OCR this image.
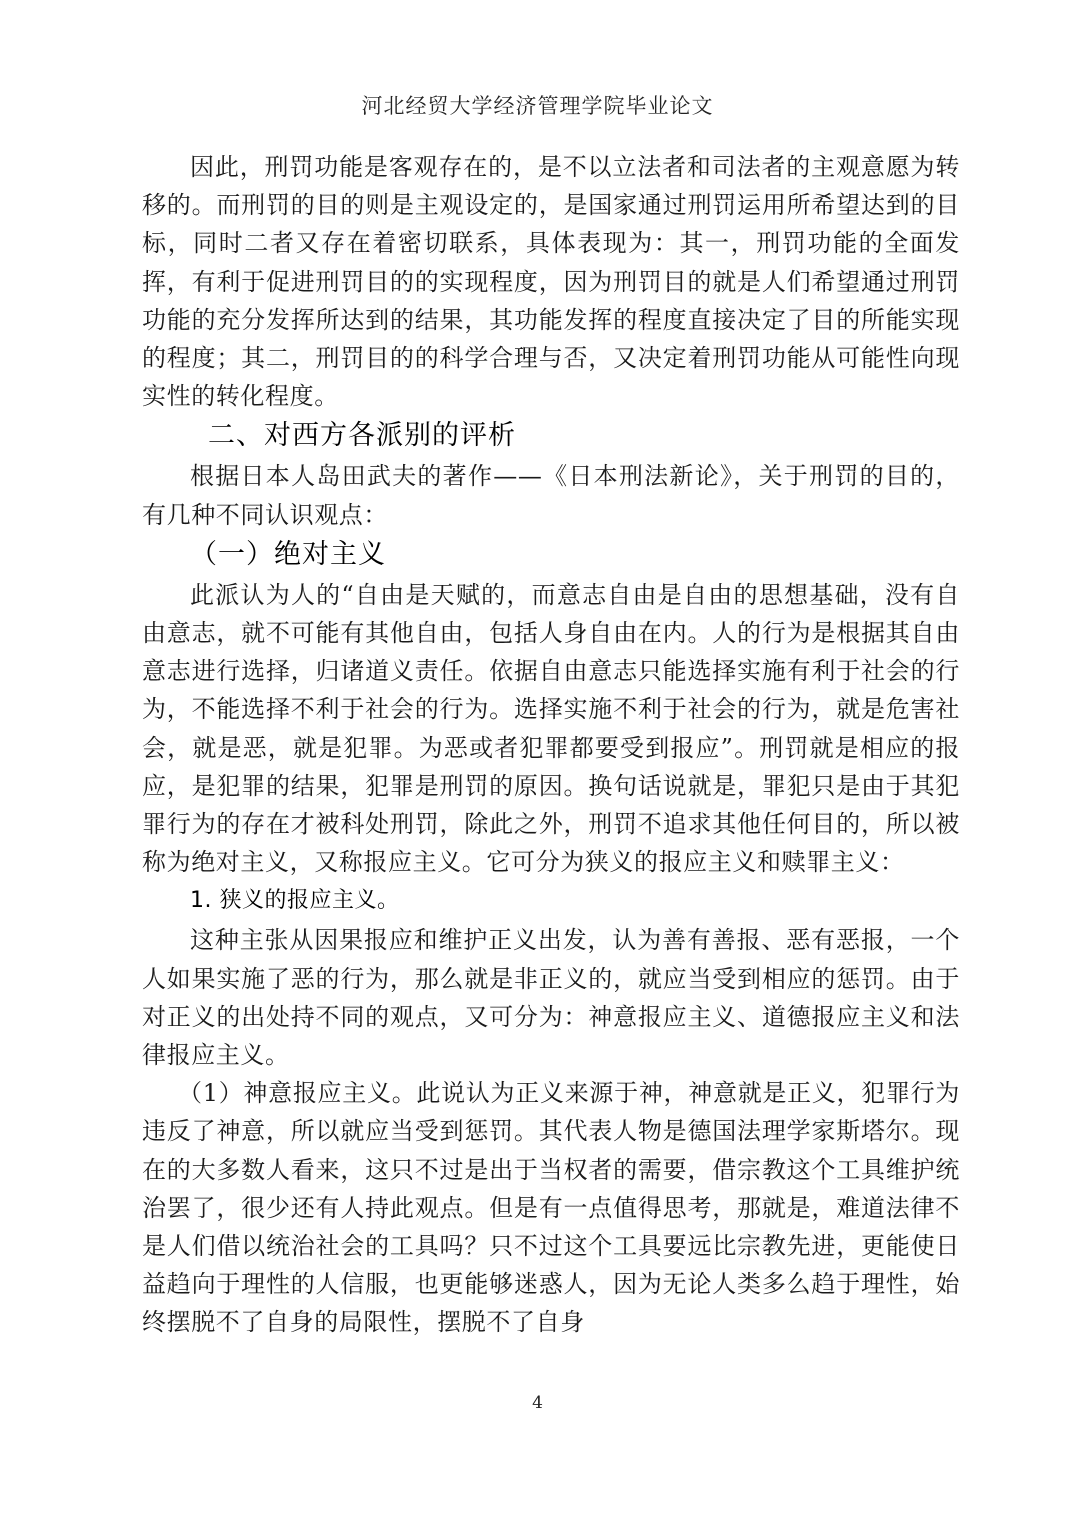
河北经贸大学经济管理学院毕业论文

因此，刑罚功能是客观存在的，是不以立法者和司法者的主观意愿为转移的。而刑罚的目的则是主观设定的，是国家通过刑罚运用所希望达到的目标，同时二者又存在着密切联系，具体表现为：其一，刑罚功能的全面发挥，有利于促进刑罚目的的实现程度，因为刑罚目的就是人们希望通过刑罚功能的充分发挥所达到的结果，其功能发挥的程度直接决定了目的所能实现的程度；其二，刑罚目的的科学合理与否，又决定着刑罚功能从可能性向现实性的转化程度。

二、对西方各派别的评析

根据日本人岛田武夫的著作——《日本刑法新论》，关于刑罚的目的，有几种不同认识观点：

（一）绝对主义

此派认为人的“自由是天赋的，而意志自由是自由的思想基础，没有自由意志，就不可能有其他自由，包括人身自由在内。人的行为是根据其自由意志进行选择，归诸道义责任。依据自由意志只能选择实施有利于社会的行为，不能选择不利于社会的行为。选择实施不利于社会的行为，就是危害社会，就是恶，就是犯罪。为恶或者犯罪都要受到报应”。刑罚就是相应的报应，是犯罪的结果，犯罪是刑罚的原因。换句话说就是，罪犯只是由于其犯罪行为的存在才被科处刑罚，除此之外，刑罚不追求其他任何目的，所以被称为绝对主义，又称报应主义。它可分为狭义的报应主义和赎罪主义：

1. 狭义的报应主义。

这种主张从因果报应和维护正义出发，认为善有善报、恶有恶报，一个人如果实施了恶的行为，那么就是非正义的，就应当受到相应的惩罚。由于对正义的出处持不同的观点，又可分为：神意报应主义、道德报应主义和法律报应主义。

（1）神意报应主义。此说认为正义来源于神，神意就是正义，犯罪行为违反了神意，所以就应当受到惩罚。其代表人物是德国法理学家斯塔尔。现在的大多数人看来，这只不过是出于当权者的需要，借宗教这个工具维护统治罢了，很少还有人持此观点。但是有一点值得思考，那就是，难道法律不是人们借以统治社会的工具吗？只不过这个工具要远比宗教先进，更能使日益趋向于理性的人信服，也更能够迷惑人，因为无论人类多么趋于理性，始终摆脱不了自身的局限性，摆脱不了自身

4
